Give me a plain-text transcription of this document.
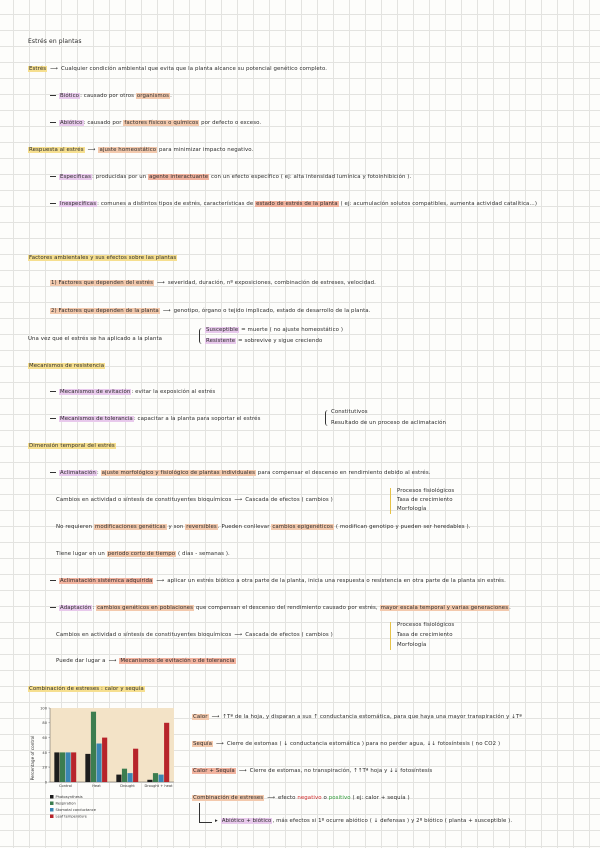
Estrés en plantas
Estrés ⟶ Cualquier condición ambiental que evita que la planta alcance su potencial genético completo.
Biótico: causado por otros organismos.
Abiótico: causado por factores físicos o químicos por defecto o exceso.
Respuesta al estrés ⟶ ajuste homeostático para minimizar impacto negativo.
Específicas: producidas por un agente interactuante con un efecto específico ( ej: alta intensidad lumínica y fotoinhibición ).
Inespecíficas: comunes a distintos tipos de estrés, características de estado de estrés de la planta ( ej: acumulación solutos compatibles, aumenta actividad catalítica...)
Factores ambientales y sus efectos sobre las plantas
1) Factores que dependen del estrés ⟶ severidad, duración, nº exposiciones, combinación de estreses, velocidad.
2) Factores que dependen de la planta ⟶ genotipo, órgano o tejido implicado, estado de desarrollo de la planta.
Una vez que el estrés se ha aplicado a la planta
Susceptible = muerte ( no ajuste homeostático )
Resistente = sobrevive y sigue creciendo
Mecanismos de resistencia
Mecanismos de evitación: evitar la exposición al estrés
Mecanismos de tolerancia: capacitar a la planta para soportar el estrés
Constitutivos
Resultado de un proceso de aclimatación
Dimensión temporal del estrés
Aclimatación: ajuste morfológico y fisiológico de plantas individuales para compensar el descenso en rendimiento debido al estrés.
Cambios en actividad o síntesis de constituyentes bioquímicos ⟶ Cascada de efectos ( cambios )
Procesos fisiológicos
Tasa de crecimiento
Morfología
No requieren modificaciones genéticas y son reversibles. Pueden conllevar cambios epigenéticos ( modifican genotipo y pueden ser heredables ).
Tiene lugar en un periodo corto de tiempo ( días - semanas ).
Aclimatación sistémica adquirida ⟶ aplicar un estrés biótico a otra parte de la planta, inicia una respuesta o resistencia en otra parte de la planta sin estrés.
Adaptación: cambios genéticos en poblaciones que compensan el descenso del rendimiento causado por estrés, mayor escala temporal y varias generaciones.
Cambios en actividad o síntesis de constituyentes bioquímicos ⟶ Cascada de efectos ( cambios )
Procesos fisiológicos
Tasa de crecimiento
Morfología
Puede dar lugar a ⟶ Mecanismos de evitación o de tolerancia
Combinación de estreses : calor y sequía
Percentage of control
0
20
40
60
80
100
Control	Heat	Drought	Drought + heat
Photosynthesis
Respiration
Stomatal conductance
Leaf temperature
Calor ⟶ ↑Tª de la hoja, y disparan a sus ↑ conductancia estomática, para que haya una mayor transpiración y ↓Tª
Sequía ⟶ Cierre de estomas ( ↓ conductancia estomática ) para no perder agua, ↓↓ fotosíntesis ( no CO2 )
Calor + Sequía ⟶ Cierre de estomas, no transpiración, ↑↑Tª hoja y ↓↓ fotosíntesis
Combinación de estreses ⟶ efecto negativo o positivo ( ej: calor + sequía )
▸ Abiótico + biótico, más efectos si 1º ocurre abiótico ( ↓ defensas ) y 2º biótico ( planta + susceptible ).
